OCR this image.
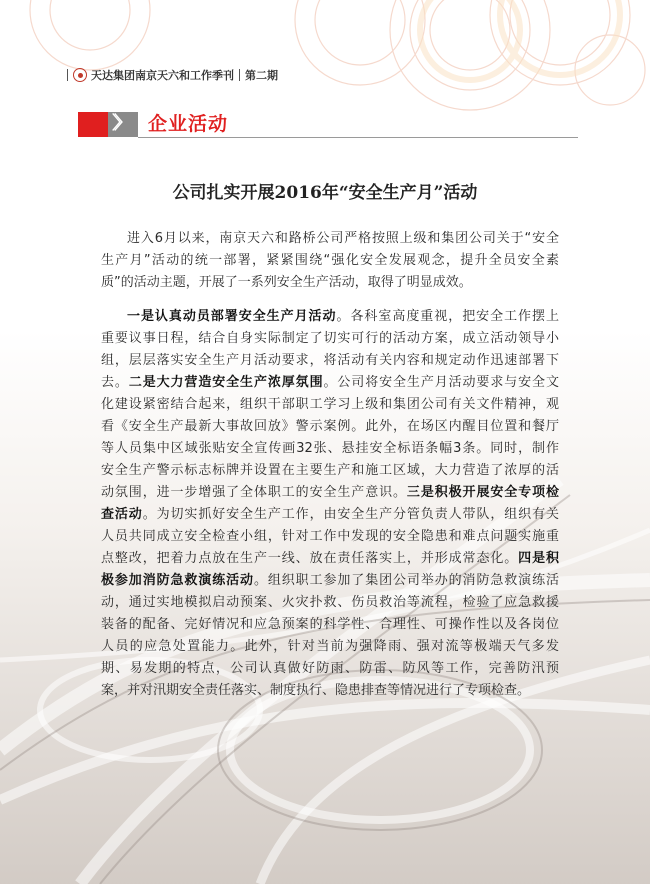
天达集团南京天六和工作季刊 第二期
〉〉 企业活动
公司扎实开展2016年“安全生产月”活动
进入6月以来，南京天六和路桥公司严格按照上级和集团公司关于“安全
生产月”活动的统一部署，紧紧围绕“强化安全发展观念，提升全员安全素
质”的活动主题，开展了一系列安全生产活动，取得了明显成效。
一是认真动员部署安全生产月活动。各科室高度重视，把安全工作摆上
重要议事日程，结合自身实际制定了切实可行的活动方案，成立活动领导小
组，层层落实安全生产月活动要求，将活动有关内容和规定动作迅速部署下
去。二是大力营造安全生产浓厚氛围。公司将安全生产月活动要求与安全文
化建设紧密结合起来，组织干部职工学习上级和集团公司有关文件精神，观
看《安全生产最新大事故回放》警示案例。此外，在场区内醒目位置和餐厅
等人员集中区域张贴安全宣传画32张、悬挂安全标语条幅3条。同时，制作
安全生产警示标志标牌并设置在主要生产和施工区域，大力营造了浓厚的活
动氛围，进一步增强了全体职工的安全生产意识。三是积极开展安全专项检
查活动。为切实抓好安全生产工作，由安全生产分管负责人带队，组织有关
人员共同成立安全检查小组，针对工作中发现的安全隐患和难点问题实施重
点整改，把着力点放在生产一线、放在责任落实上，并形成常态化。四是积
极参加消防急救演练活动。组织职工参加了集团公司举办的消防急救演练活
动，通过实地模拟启动预案、火灾扑救、伤员救治等流程，检验了应急救援
装备的配备、完好情况和应急预案的科学性、合理性、可操作性以及各岗位
人员的应急处置能力。此外，针对当前为强降雨、强对流等极端天气多发
期、易发期的特点，公司认真做好防雨、防雷、防风等工作，完善防汛预
案，并对汛期安全责任落实、制度执行、隐患排查等情况进行了专项检查。
